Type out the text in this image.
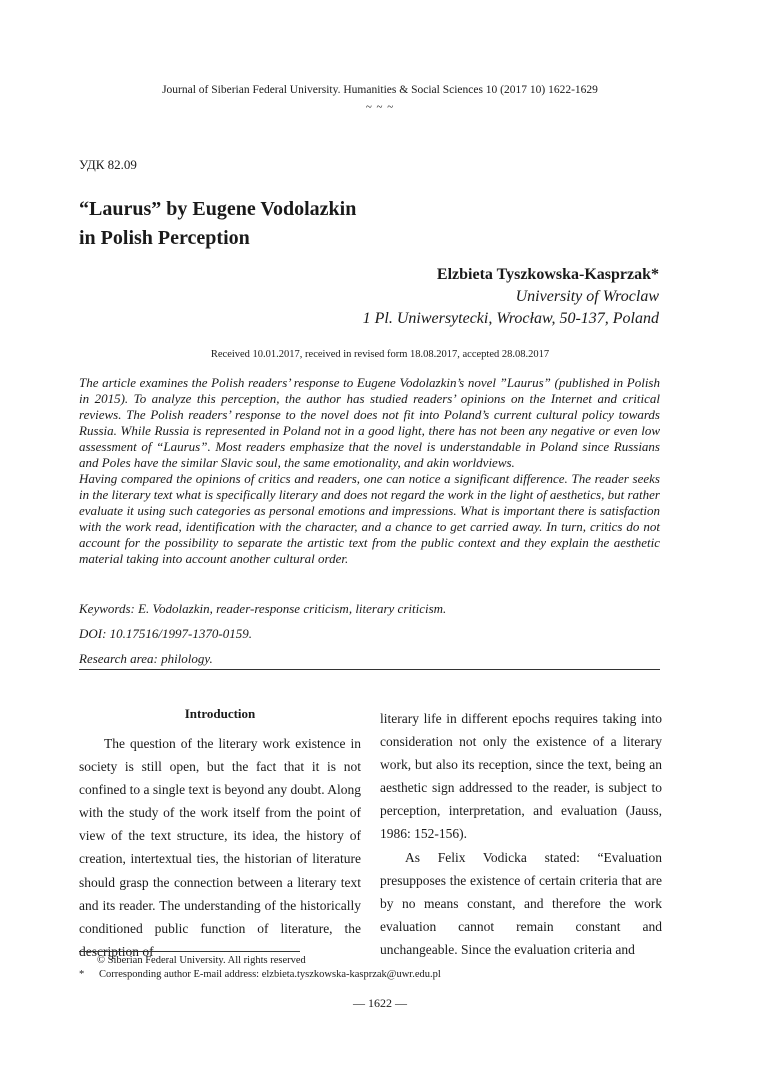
Journal of Siberian Federal University. Humanities & Social Sciences 10 (2017 10) 1622-1629
~ ~ ~
УДК 82.09
“Laurus” by Eugene Vodolazkin
in Polish Perception
Elzbieta Tyszkowska-Kasprzak*
University of Wroclaw
1 Pl. Uniwersytecki, Wrocław, 50-137, Poland
Received 10.01.2017, received in revised form 18.08.2017, accepted 28.08.2017

The article examines the Polish readers’ response to Eugene Vodolazkin’s novel ”Laurus” (published in Polish in 2015). To analyze this perception, the author has studied readers’ opinions on the Internet and critical reviews. The Polish readers’ response to the novel does not fit into Poland’s current cultural policy towards Russia. While Russia is represented in Poland not in a good light, there has not been any negative or even low assessment of “Laurus”. Most readers emphasize that the novel is understandable in Poland since Russians and Poles have the similar Slavic soul, the same emotionality, and akin worldviews.

Having compared the opinions of critics and readers, one can notice a significant difference. The reader seeks in the literary text what is specifically literary and does not regard the work in the light of aesthetics, but rather evaluate it using such categories as personal emotions and impressions. What is important there is satisfaction with the work read, identification with the character, and a chance to get carried away. In turn, critics do not account for the possibility to separate the artistic text from the public context and they explain the aesthetic material taking into account another cultural order.

Keywords: E. Vodolazkin, reader-response criticism, literary criticism.
DOI: 10.17516/1997-1370-0159.
Research area: philology.

Introduction

The question of the literary work existence in society is still open, but the fact that it is not confined to a single text is beyond any doubt. Along with the study of the work itself from the point of view of the text structure, its idea, the history of creation, intertextual ties, the historian of literature should grasp the connection between a literary text and its reader. The understanding of the historically conditioned public function of literature, the description of

literary life in different epochs requires taking into consideration not only the existence of a literary work, but also its reception, since the text, being an aesthetic sign addressed to the reader, is subject to perception, interpretation, and evaluation (Jauss, 1986: 152-156).

As Felix Vodicka stated: “Evaluation presupposes the existence of certain criteria that are by no means constant, and therefore the work evaluation cannot remain constant and unchangeable. Since the evaluation criteria and

© Siberian Federal University. All rights reserved
* Corresponding author E-mail address: elzbieta.tyszkowska-kasprzak@uwr.edu.pl
— 1622 —
